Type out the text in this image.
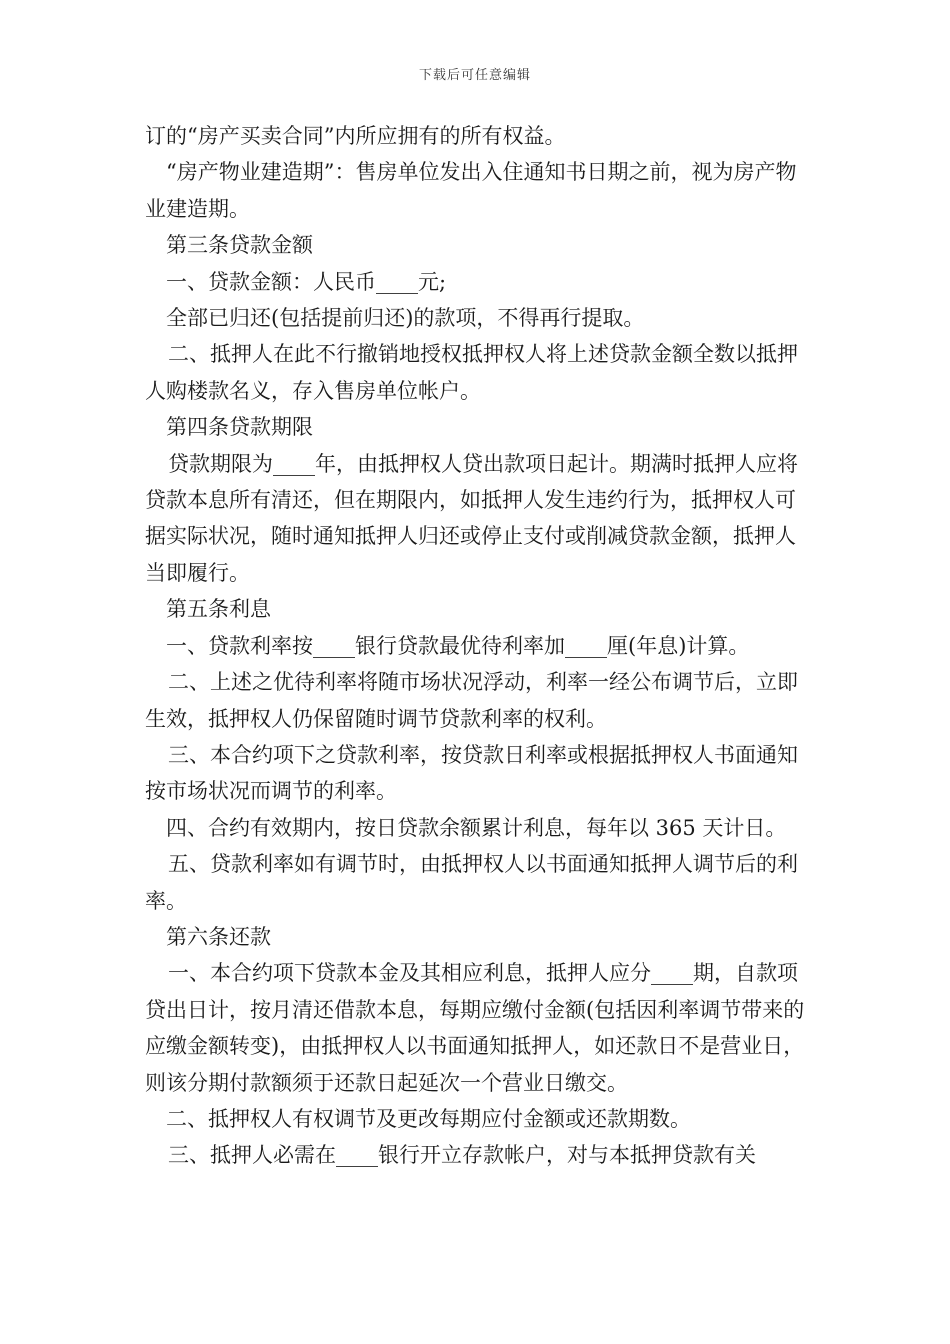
下载后可任意编辑

订的“房产买卖合同”内所应拥有的所有权益。

“房产物业建造期”：售房单位发出入住通知书日期之前，视为房产物业建造期。

第三条贷款金额

一、贷款金额：人民币____元;

全部已归还(包括提前归还)的款项，不得再行提取。

二、抵押人在此不行撤销地授权抵押权人将上述贷款金额全数以抵押人购楼款名义，存入售房单位帐户。

第四条贷款期限

贷款期限为____年，由抵押权人贷出款项日起计。期满时抵押人应将贷款本息所有清还，但在期限内，如抵押人发生违约行为，抵押权人可据实际状况，随时通知抵押人归还或停止支付或削减贷款金额，抵押人当即履行。

第五条利息

一、贷款利率按____银行贷款最优待利率加____厘(年息)计算。

二、上述之优待利率将随市场状况浮动，利率一经公布调节后，立即生效，抵押权人仍保留随时调节贷款利率的权利。

三、本合约项下之贷款利率，按贷款日利率或根据抵押权人书面通知按市场状况而调节的利率。

四、合约有效期内，按日贷款余额累计利息，每年以 365 天计日。

五、贷款利率如有调节时，由抵押权人以书面通知抵押人调节后的利率。

第六条还款

一、本合约项下贷款本金及其相应利息，抵押人应分____期，自款项贷出日计，按月清还借款本息，每期应缴付金额(包括因利率调节带来的应缴金额转变)，由抵押权人以书面通知抵押人，如还款日不是营业日，则该分期付款额须于还款日起延次一个营业日缴交。

二、抵押权人有权调节及更改每期应付金额或还款期数。

三、抵押人必需在____银行开立存款帐户，对与本抵押贷款有关
